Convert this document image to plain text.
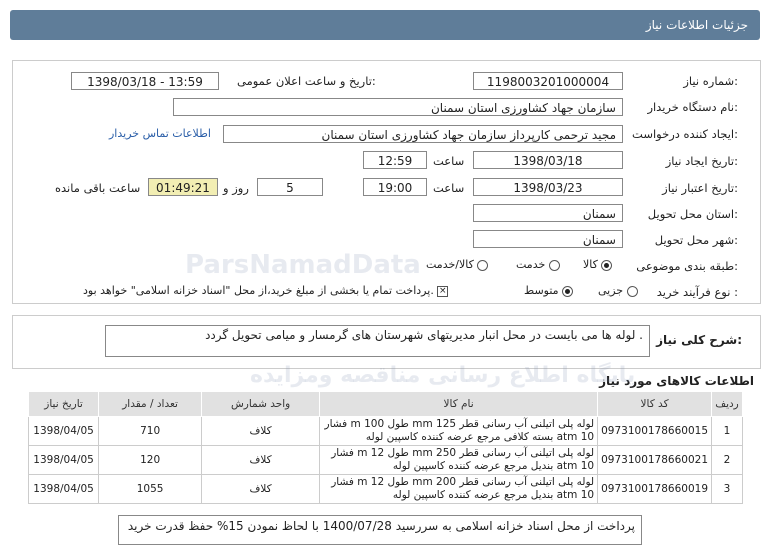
جزئیات اطلاعات نیاز
شماره نیاز:
1198003201000004
تاریخ و ساعت اعلان عمومی:
1398/03/18 - 13:59
نام دستگاه خریدار:
سازمان جهاد کشاورزی استان سمنان
ایجاد کننده درخواست:
مجید ترحمی کارپرداز سازمان جهاد کشاورزی استان سمنان
اطلاعات تماس خریدار
تاریخ ایجاد نیاز:
1398/03/18
ساعت
12:59
تاریخ اعتبار نیاز:
1398/03/23
ساعت
19:00
5
روز و
01:49:21
ساعت باقی مانده
استان محل تحویل:
سمنان
شهر محل تحویل:
سمنان
طبقه بندی موضوعی:
کالا
خدمت
کالا/خدمت
نوع فرآیند خرید :
جزیی
متوسط
پرداخت تمام یا بخشی از مبلغ خرید،از محل "اسناد خزانه اسلامی" خواهد بود. ×
شرح کلی نیاز:
لوله ها می بایست در محل انبار مدیریتهای شهرستان های گرمسار و میامی تحویل گردد .
اطلاعات کالاهای مورد نیاز
ParsNamadData
پایگاه اطلاع رسانی مناقصه ومزایده
ردیف	کد کالا	نام کالا	واحد شمارش	تعداد / مقدار	تاریخ نیاز
1	0973100178660015	لوله پلی اتیلنی آب رسانی قطر 125 mm طول 100 m فشار 10 atm بسته کلافی مرجع عرضه کننده کاسپین لوله	کلاف	710	1398/04/05
2	0973100178660021	لوله پلی اتیلنی آب رسانی قطر 250 mm طول 12 m فشار 10 atm بندیل مرجع عرضه کننده کاسپین لوله	کلاف	120	1398/04/05
3	0973100178660019	لوله پلی اتیلنی آب رسانی قطر 200 mm طول 12 m فشار 10 atm بندیل مرجع عرضه کننده کاسپین لوله	کلاف	1055	1398/04/05
پرداخت از محل اسناد خزانه اسلامی به سررسید 1400/07/28 با لحاظ نمودن 15% حفظ قدرت خرید
